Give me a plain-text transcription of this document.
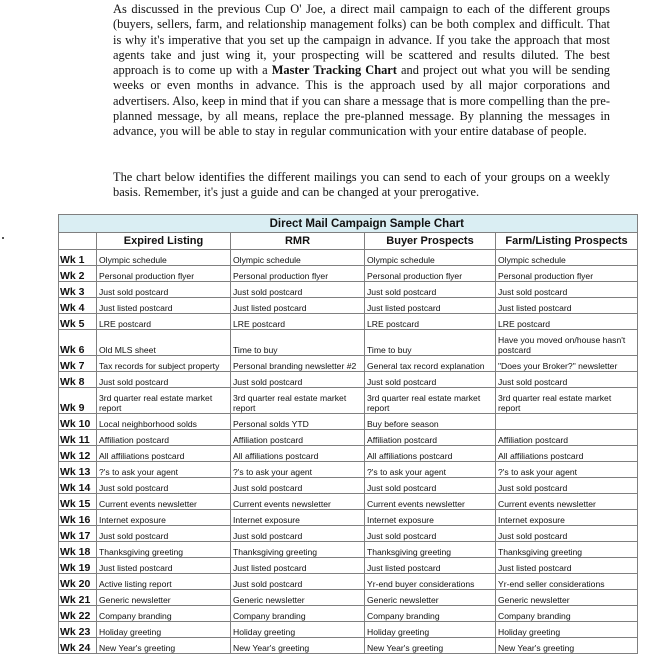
As discussed in the previous Cup O' Joe, a direct mail campaign to each of the different groups (buyers, sellers, farm, and relationship management folks) can be both complex and difficult. That is why it's imperative that you set up the campaign in advance. If you take the approach that most agents take and just wing it, your prospecting will be scattered and results diluted. The best approach is to come up with a Master Tracking Chart and project out what you will be sending weeks or even months in advance. This is the approach used by all major corporations and advertisers. Also, keep in mind that if you can share a message that is more compelling than the pre-planned message, by all means, replace the pre-planned message. By planning the messages in advance, you will be able to stay in regular communication with your entire database of people.

The chart below identifies the different mailings you can send to each of your groups on a weekly basis. Remember, it's just a guide and can be changed at your prerogative.

	Direct Mail Campaign Sample Chart			
	Expired Listing	RMR	Buyer Prospects	Farm/Listing Prospects
Wk 1	Olympic schedule	Olympic schedule	Olympic schedule	Olympic schedule
Wk 2	Personal production flyer	Personal production flyer	Personal production flyer	Personal production flyer
Wk 3	Just sold postcard	Just sold postcard	Just sold postcard	Just sold postcard
Wk 4	Just listed postcard	Just listed postcard	Just listed postcard	Just listed postcard
Wk 5	LRE postcard	LRE postcard	LRE postcard	LRE postcard
Wk 6	Old MLS sheet	Time to buy	Time to buy	Have you moved on/house hasn't postcard
Wk 7	Tax records for subject property	Personal branding newsletter #2	General tax record explanation	"Does your Broker?" newsletter
Wk 8	Just sold postcard	Just sold postcard	Just sold postcard	Just sold postcard
Wk 9	3rd quarter real estate market report	3rd quarter real estate market report	3rd quarter real estate market report	3rd quarter real estate market report
Wk 10	Local neighborhood solds	Personal solds YTD	Buy before season	
Wk 11	Affiliation postcard	Affiliation postcard	Affiliation postcard	Affiliation postcard
Wk 12	All affiliations postcard	All affiliations postcard	All affiliations postcard	All affiliations postcard
Wk 13	?'s to ask your agent	?'s to ask your agent	?'s to ask your agent	?'s to ask your agent
Wk 14	Just sold postcard	Just sold postcard	Just sold postcard	Just sold postcard
Wk 15	Current events newsletter	Current events newsletter	Current events newsletter	Current events newsletter
Wk 16	Internet exposure	Internet exposure	Internet exposure	Internet exposure
Wk 17	Just sold postcard	Just sold postcard	Just sold postcard	Just sold postcard
Wk 18	Thanksgiving greeting	Thanksgiving greeting	Thanksgiving greeting	Thanksgiving greeting
Wk 19	Just listed postcard	Just listed postcard	Just listed postcard	Just listed postcard
Wk 20	Active listing report	Just sold postcard	Yr-end buyer considerations	Yr-end seller considerations
Wk 21	Generic newsletter	Generic newsletter	Generic newsletter	Generic newsletter
Wk 22	Company branding	Company branding	Company branding	Company branding
Wk 23	Holiday greeting	Holiday greeting	Holiday greeting	Holiday greeting
Wk 24	New Year's greeting	New Year's greeting	New Year's greeting	New Year's greeting
